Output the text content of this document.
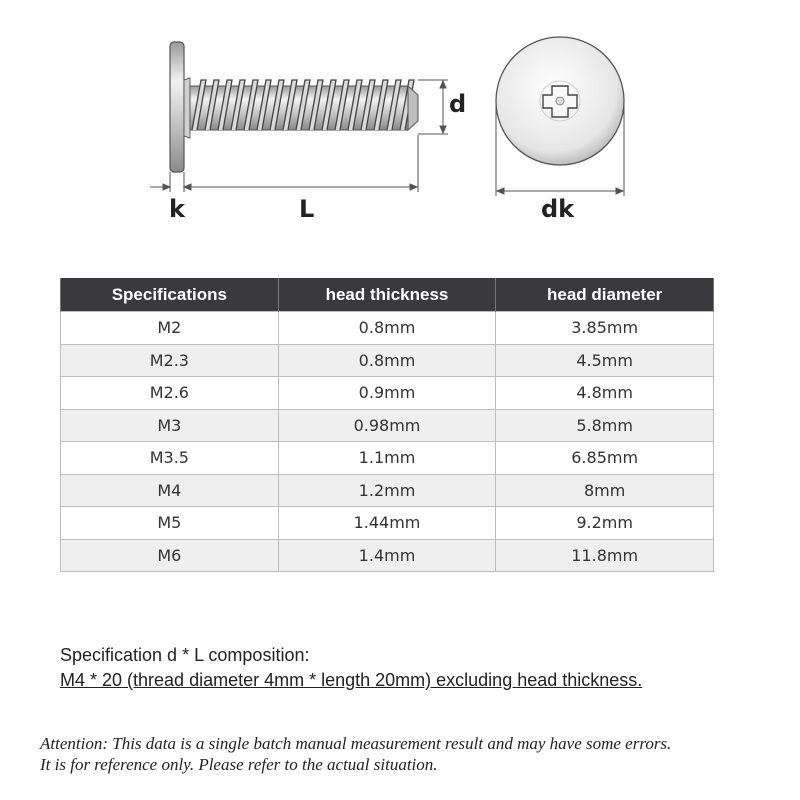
d
k	L	dk
Specifications	head thickness	head diameter
M2	0.8mm	3.85mm
M2.3	0.8mm	4.5mm
M2.6	0.9mm	4.8mm
M3	0.98mm	5.8mm
M3.5	1.1mm	6.85mm
M4	1.2mm	8mm
M5	1.44mm	9.2mm
M6	1.4mm	11.8mm
Specification d * L composition:
M4 * 20 (thread diameter 4mm * length 20mm) excluding head thickness.
Attention: This data is a single batch manual measurement result and may have some errors.
It is for reference only. Please refer to the actual situation.
